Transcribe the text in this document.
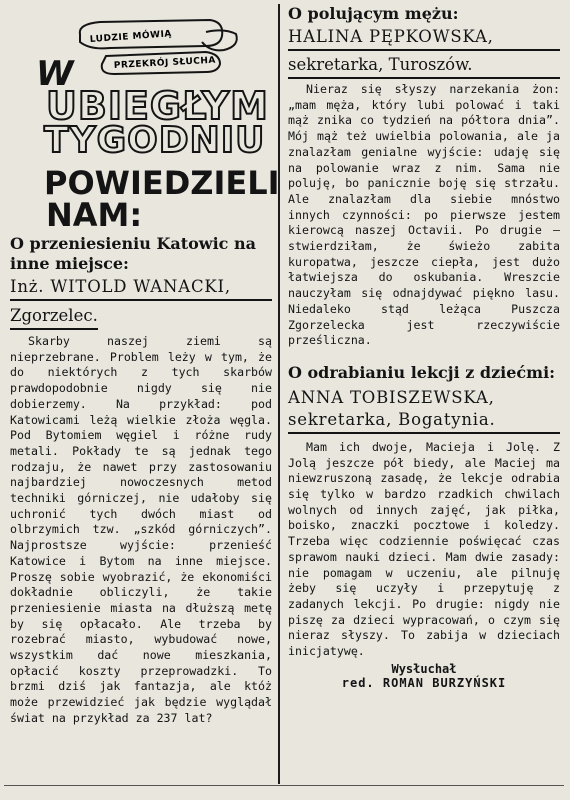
LUDZIE MÓWIĄ
PRZEKRÓJ SŁUCHA
W
UBIEGŁYM
TYGODNIU
POWIEDZIELI
NAM:

O przeniesieniu Katowic na inne miejsce:

Inż. WITOLD WANACKI,

Zgorzelec.

Skarby naszej ziemi są nieprzebrane. Problem leży w tym, że do niektórych z tych skarbów prawdopodobnie nigdy się nie dobierzemy. Na przykład: pod Katowicami leżą wielkie złoża węgla. Pod Bytomiem węgiel i różne rudy metali. Pokłady te są jednak tego rodzaju, że nawet przy zastosowaniu najbardziej nowoczesnych metod techniki górniczej, nie udałoby się uchronić tych dwóch miast od olbrzymich tzw. „szkód górniczych”. Najprostsze wyjście: przenieść Katowice i Bytom na inne miejsce. Proszę sobie wyobrazić, że ekonomiści dokładnie obliczyli, że takie przeniesienie miasta na dłuższą metę by się opłacało. Ale trzeba by rozebrać miasto, wybudować nowe, wszystkim dać nowe mieszkania, opłacić koszty przeprowadzki. To brzmi dziś jak fantazja, ale któż może przewidzieć jak będzie wyglądał świat na przykład za 237 lat?

O polującym mężu:

HALINA PĘPKOWSKA,

sekretarka, Turoszów.

Nieraz się słyszy narzekania żon: „mam męża, który lubi polować i taki mąż znika co tydzień na półtora dnia”. Mój mąż też uwielbia polowania, ale ja znalazłam genialne wyjście: udaję się na polowanie wraz z nim. Sama nie poluję, bo panicznie boję się strzału. Ale znalazłam dla siebie mnóstwo innych czynności: po pierwsze jestem kierowcą naszej Octavii. Po drugie — stwierdziłam, że świeżo zabita kuropatwa, jeszcze ciepła, jest dużo łatwiejsza do oskubania. Wreszcie nauczyłam się odnajdywać piękno lasu. Niedaleko stąd leżąca Puszcza Zgorzelecka jest rzeczywiście prześliczna.

O odrabianiu lekcji z dziećmi:

ANNA TOBISZEWSKA, sekretarka, Bogatynia.

Mam ich dwoje, Macieja i Jolę. Z Jolą jeszcze pół biedy, ale Maciej ma niewzruszoną zasadę, że lekcje odrabia się tylko w bardzo rzadkich chwilach wolnych od innych zajęć, jak piłka, boisko, znaczki pocztowe i koledzy. Trzeba więc codziennie poświęcać czas sprawom nauki dzieci. Mam dwie zasady: nie pomagam w uczeniu, ale pilnuję żeby się uczyły i przepytuję z zadanych lekcji. Po drugie: nigdy nie piszę za dzieci wypracowań, o czym się nieraz słyszy. To zabija w dzieciach inicjatywę.

Wysłuchał

red. ROMAN BURZYŃSKI
